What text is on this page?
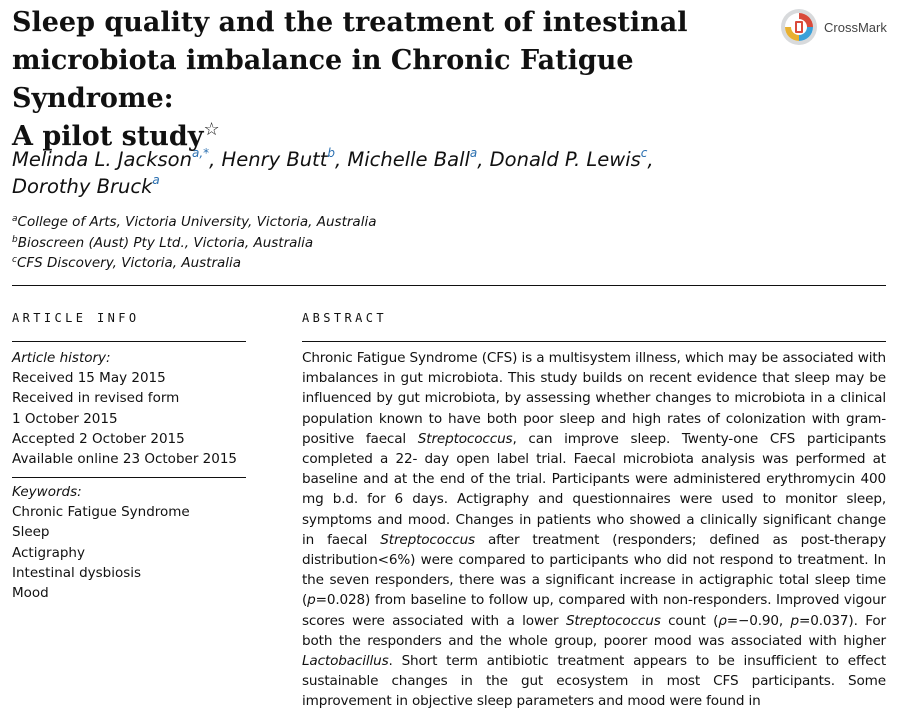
Sleep quality and the treatment of intestinal
microbiota imbalance in Chronic Fatigue Syndrome:
A pilot study☆
CrossMark
Melinda L. Jackson$^{a,*}$, Henry Butt$^b$, Michelle Ball$^a$, Donald P. Lewis$^c$,
Dorothy Bruck$^a$
$^a$College of Arts, Victoria University, Victoria, Australia
$^b$Bioscreen (Aust) Pty Ltd., Victoria, Australia
$^c$CFS Discovery, Victoria, Australia
ARTICLE INFO	ABSTRACT
Article history:
Received 15 May 2015
Received in revised form
1 October 2015
Accepted 2 October 2015
Available online 23 October 2015
Keywords:
Chronic Fatigue Syndrome
Sleep
Actigraphy
Intestinal dysbiosis
Mood

Chronic Fatigue Syndrome (CFS) is a multisystem illness, which may be associated with imbalances in gut microbiota. This study builds on recent evidence that sleep may be influenced by gut microbiota, by assessing whether changes to microbiota in a clinical population known to have both poor sleep and high rates of colonization with gram-positive faecal Streptococcus, can improve sleep. Twenty-one CFS participants completed a 22- day open label trial. Faecal microbiota analysis was performed at baseline and at the end of the trial. Participants were administered erythromycin 400 mg b.d. for 6 days. Actigraphy and questionnaires were used to monitor sleep, symptoms and mood. Changes in patients who showed a clinically significant change in faecal Streptococcus after treatment (responders; defined as post-therapy distribution<6%) were compared to participants who did not respond to treatment. In the seven responders, there was a significant increase in actigraphic total sleep time (p=0.028) from baseline to follow up, compared with non-responders. Improved vigour scores were associated with a lower Streptococcus count (ρ=−0.90, p=0.037). For both the responders and the whole group, poorer mood was associated with higher Lactobacillus. Short term antibiotic treatment appears to be insufficient to effect sustainable changes in the gut ecosystem in most CFS participants. Some improvement in objective sleep parameters and mood were found in
